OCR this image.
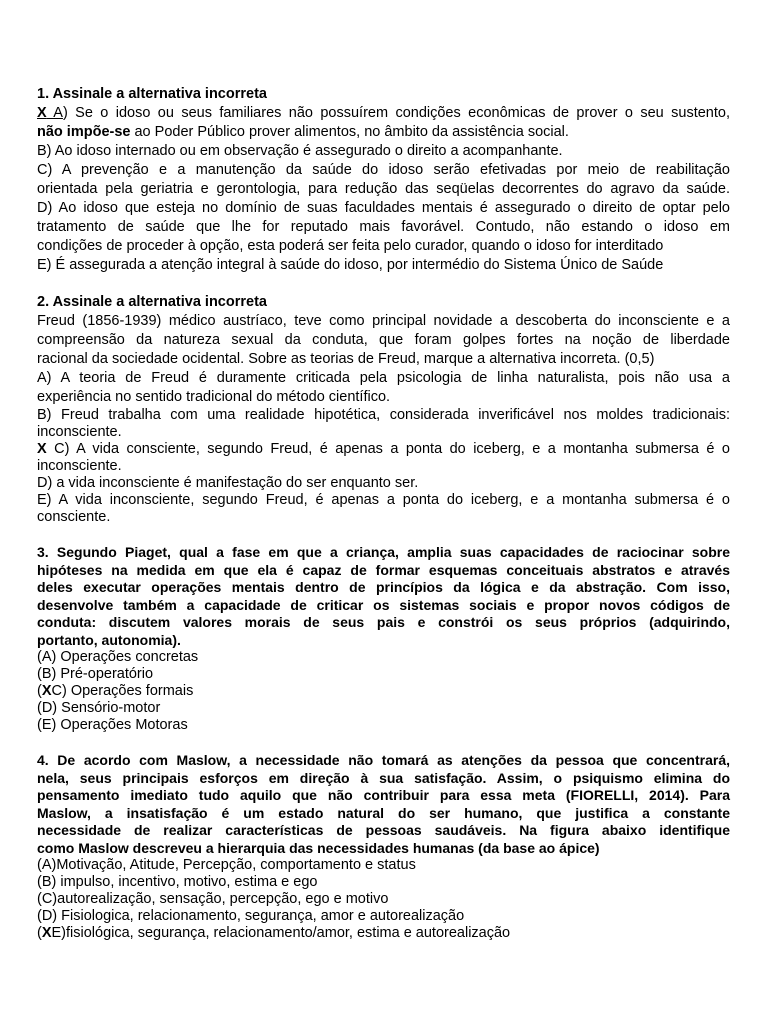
1. Assinale a alternativa incorreta
X A) Se o idoso ou seus familiares não possuírem condições econômicas de prover o seu sustento,
não impõe-se ao Poder Público prover alimentos, no âmbito da assistência social.
B) Ao idoso internado ou em observação é assegurado o direito a acompanhante.
C) A prevenção e a manutenção da saúde do idoso serão efetivadas por meio de reabilitação
orientada pela geriatria e gerontologia, para redução das seqüelas decorrentes do agravo da saúde.
D) Ao idoso que esteja no domínio de suas faculdades mentais é assegurado o direito de optar pelo
tratamento de saúde que lhe for reputado mais favorável. Contudo, não estando o idoso em
condições de proceder à opção, esta poderá ser feita pelo curador, quando o idoso for interditado
E) É assegurada a atenção integral à saúde do idoso, por intermédio do Sistema Único de Saúde
2. Assinale a alternativa incorreta
Freud (1856-1939) médico austríaco, teve como principal novidade a descoberta do inconsciente e a
compreensão da natureza sexual da conduta, que foram golpes fortes na noção de liberdade
racional da sociedade ocidental. Sobre as teorias de Freud, marque a alternativa incorreta. (0,5)
A) A teoria de Freud é duramente criticada pela psicologia de linha naturalista, pois não usa a
experiência no sentido tradicional do método científico.
B) Freud trabalha com uma realidade hipotética, considerada inverificável nos moldes tradicionais:
inconsciente.
X C) A vida consciente, segundo Freud, é apenas a ponta do iceberg, e a montanha submersa é o
inconsciente.
D) a vida inconsciente é manifestação do ser enquanto ser.
E) A vida inconsciente, segundo Freud, é apenas a ponta do iceberg, e a montanha submersa é o
consciente.
3. Segundo Piaget, qual a fase em que a criança, amplia suas capacidades de raciocinar sobre
hipóteses na medida em que ela é capaz de formar esquemas conceituais abstratos e através
deles executar operações mentais dentro de princípios da lógica e da abstração. Com isso,
desenvolve também a capacidade de criticar os sistemas sociais e propor novos códigos de
conduta: discutem valores morais de seus pais e constrói os seus próprios (adquirindo,
portanto, autonomia).
(A) Operações concretas
(B) Pré-operatório
(XC) Operações formais
(D) Sensório-motor
(E) Operações Motoras
4. De acordo com Maslow, a necessidade não tomará as atenções da pessoa que concentrará,
nela, seus principais esforços em direção à sua satisfação. Assim, o psiquismo elimina do
pensamento imediato tudo aquilo que não contribuir para essa meta (FIORELLI, 2014). Para
Maslow, a insatisfação é um estado natural do ser humano, que justifica a constante
necessidade de realizar características de pessoas saudáveis. Na figura abaixo identifique
como Maslow descreveu a hierarquia das necessidades humanas (da base ao ápice)
(A)Motivação, Atitude, Percepção, comportamento e status
(B) impulso, incentivo, motivo, estima e ego
(C)autorealização, sensação, percepção, ego e motivo
(D) Fisiologica, relacionamento, segurança, amor e autorealização
(XE)fisiológica, segurança, relacionamento/amor, estima e autorealização
